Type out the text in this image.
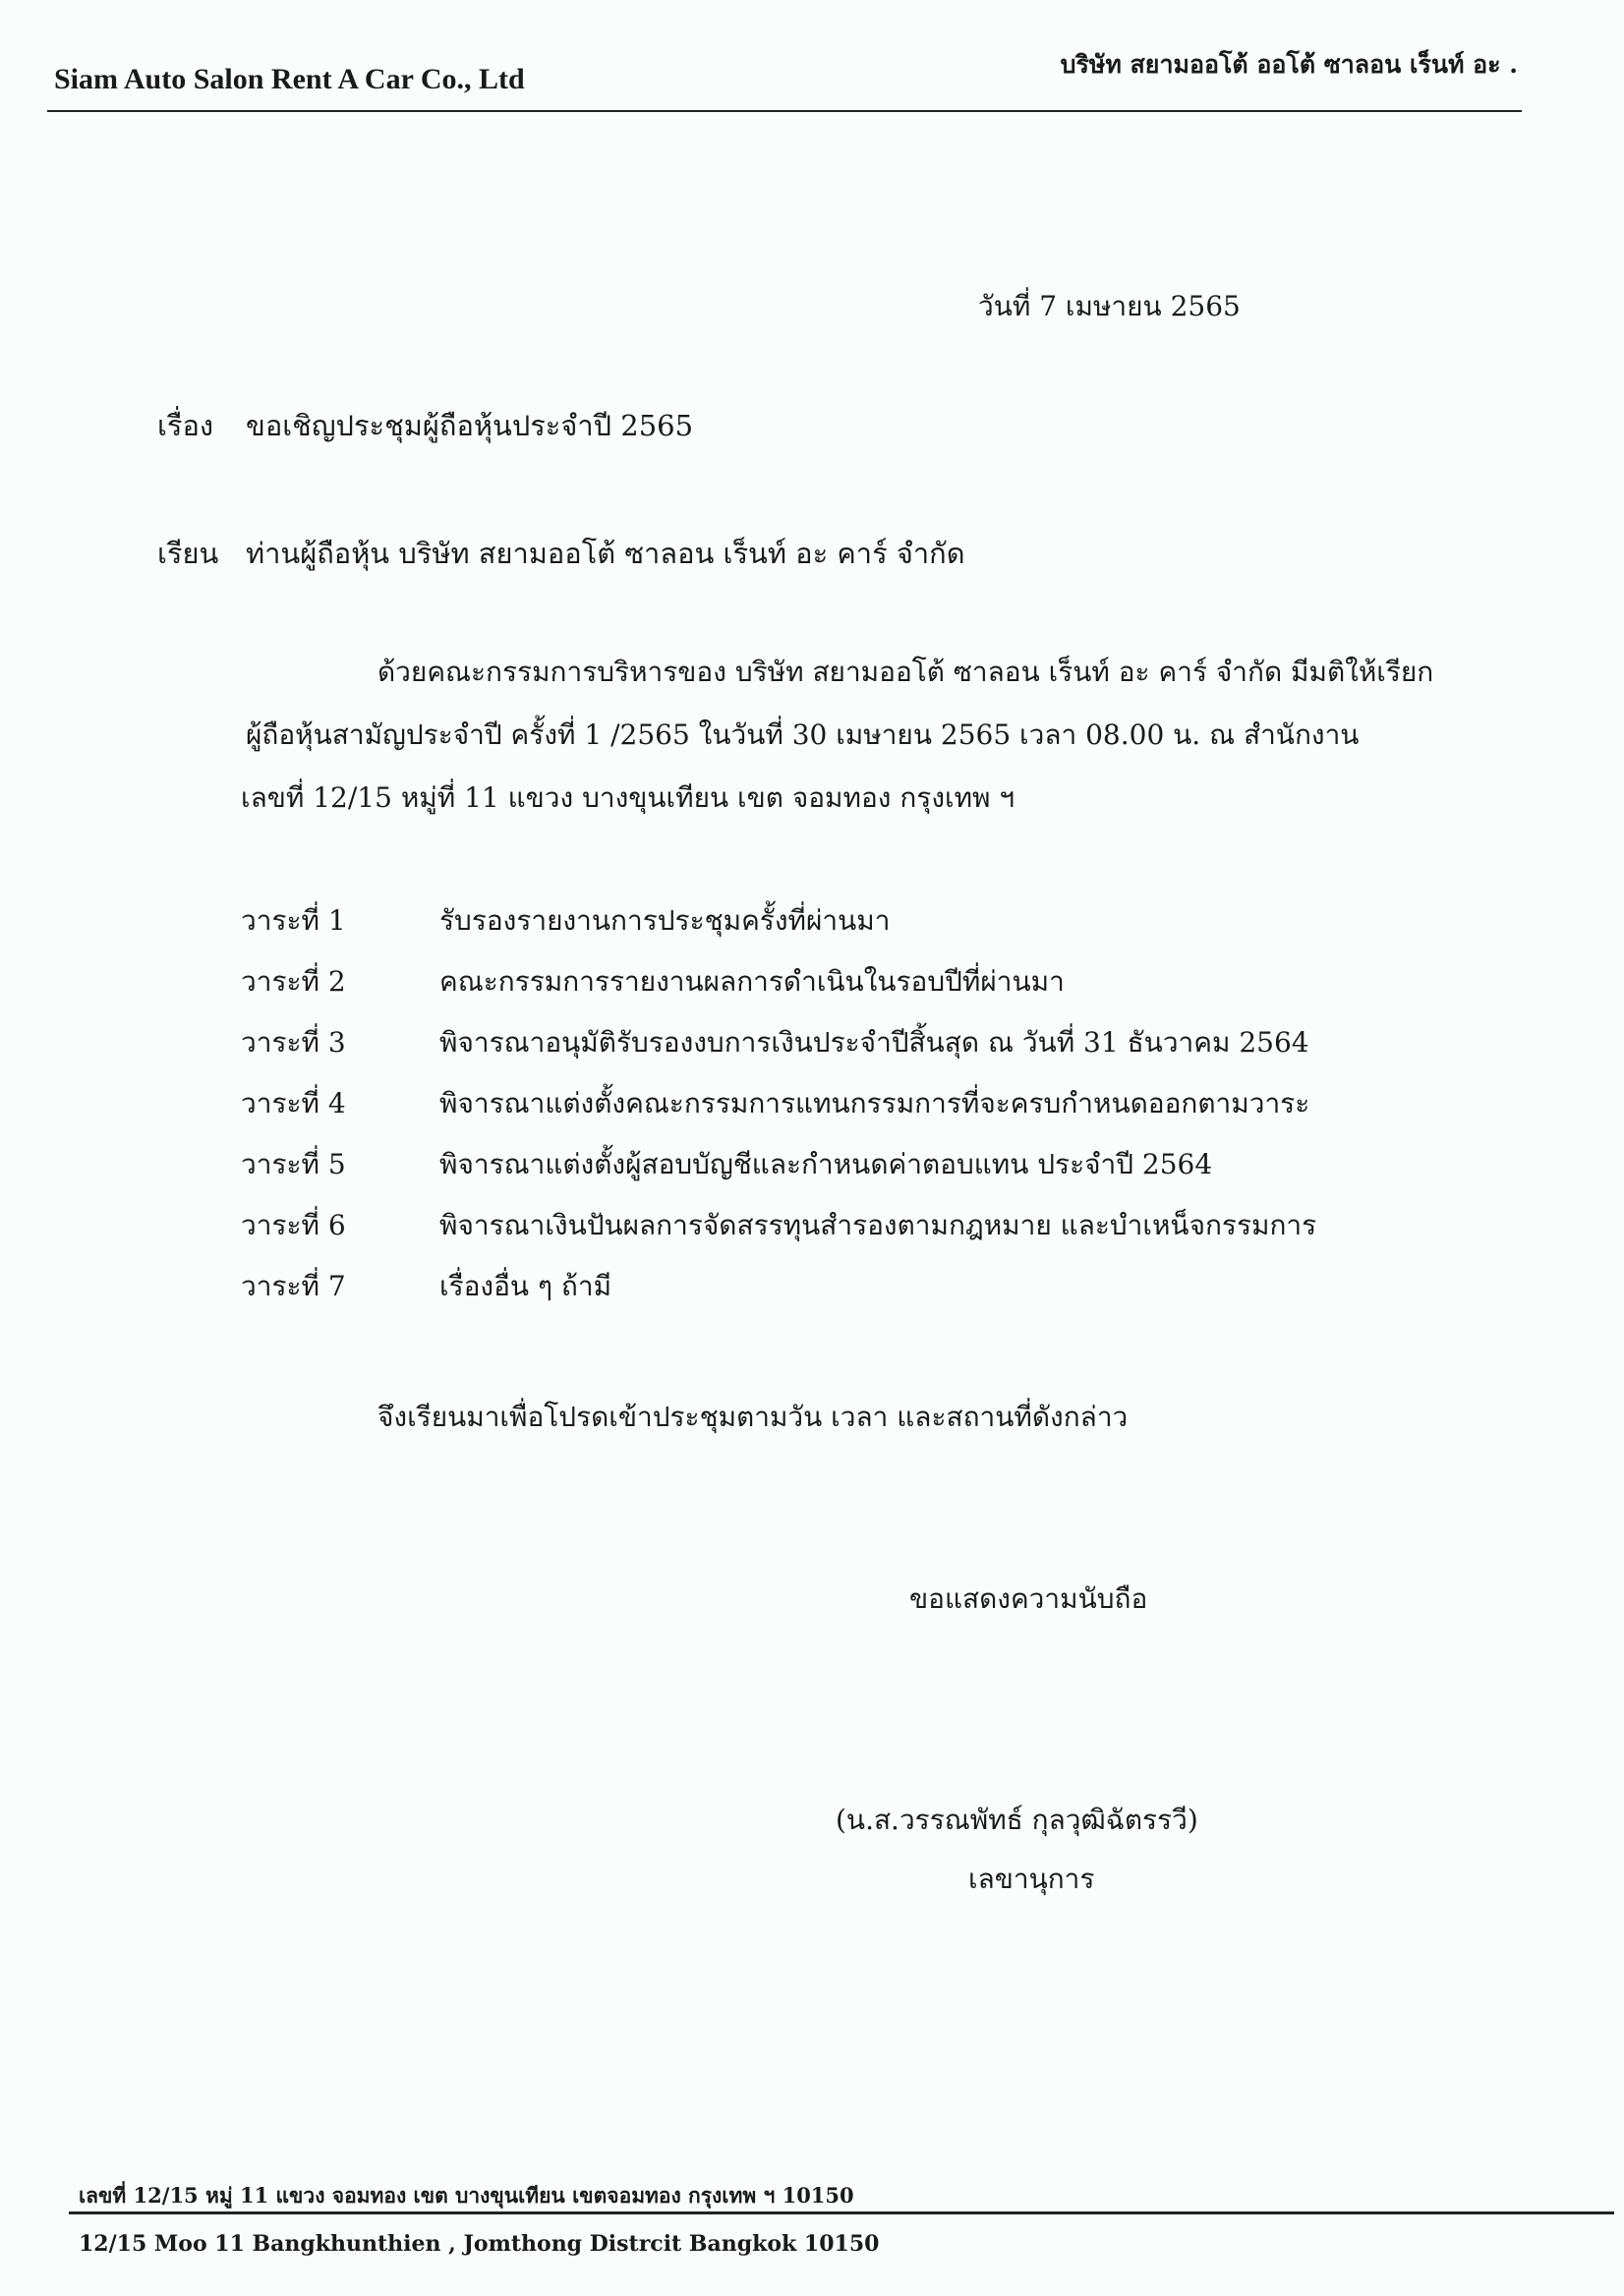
Siam Auto Salon Rent A Car Co., Ltd	บริษัท สยามออโต้ ออโต้ ซาลอน เร็นท์ อะ .
วันที่ 7 เมษายน 2565
เรื่อง ขอเชิญประชุมผู้ถือหุ้นประจำปี 2565
เรียน ท่านผู้ถือหุ้น บริษัท สยามออโต้ ซาลอน เร็นท์ อะ คาร์ จำกัด
ด้วยคณะกรรมการบริหารของ บริษัท สยามออโต้ ซาลอน เร็นท์ อะ คาร์ จำกัด มีมติให้เรียก
ผู้ถือหุ้นสามัญประจำปี ครั้งที่ 1 /2565 ในวันที่ 30 เมษายน 2565 เวลา 08.00 น. ณ สำนักงาน
เลขที่ 12/15 หมู่ที่ 11 แขวง บางขุนเทียน เขต จอมทอง กรุงเทพ ฯ
วาระที่ 1	รับรองรายงานการประชุมครั้งที่ผ่านมา
วาระที่ 2	คณะกรรมการรายงานผลการดำเนินในรอบปีที่ผ่านมา
วาระที่ 3	พิจารณาอนุมัติรับรองงบการเงินประจำปีสิ้นสุด ณ วันที่ 31 ธันวาคม 2564
วาระที่ 4	พิจารณาแต่งตั้งคณะกรรมการแทนกรรมการที่จะครบกำหนดออกตามวาระ
วาระที่ 5	พิจารณาแต่งตั้งผู้สอบบัญชีและกำหนดค่าตอบแทน ประจำปี 2564
วาระที่ 6	พิจารณาเงินปันผลการจัดสรรทุนสำรองตามกฎหมาย และบำเหน็จกรรมการ
วาระที่ 7	เรื่องอื่น ๆ ถ้ามี
จึงเรียนมาเพื่อโปรดเข้าประชุมตามวัน เวลา และสถานที่ดังกล่าว
ขอแสดงความนับถือ
(น.ส.วรรณพัทธ์ กุลวุฒิฉัตรรวี)
เลขานุการ
เลขที่ 12/15 หมู่ 11 แขวง จอมทอง เขต บางขุนเทียน เขตจอมทอง กรุงเทพ ฯ 10150
12/15 Moo 11 Bangkhunthien , Jomthong Distrcit Bangkok 10150
